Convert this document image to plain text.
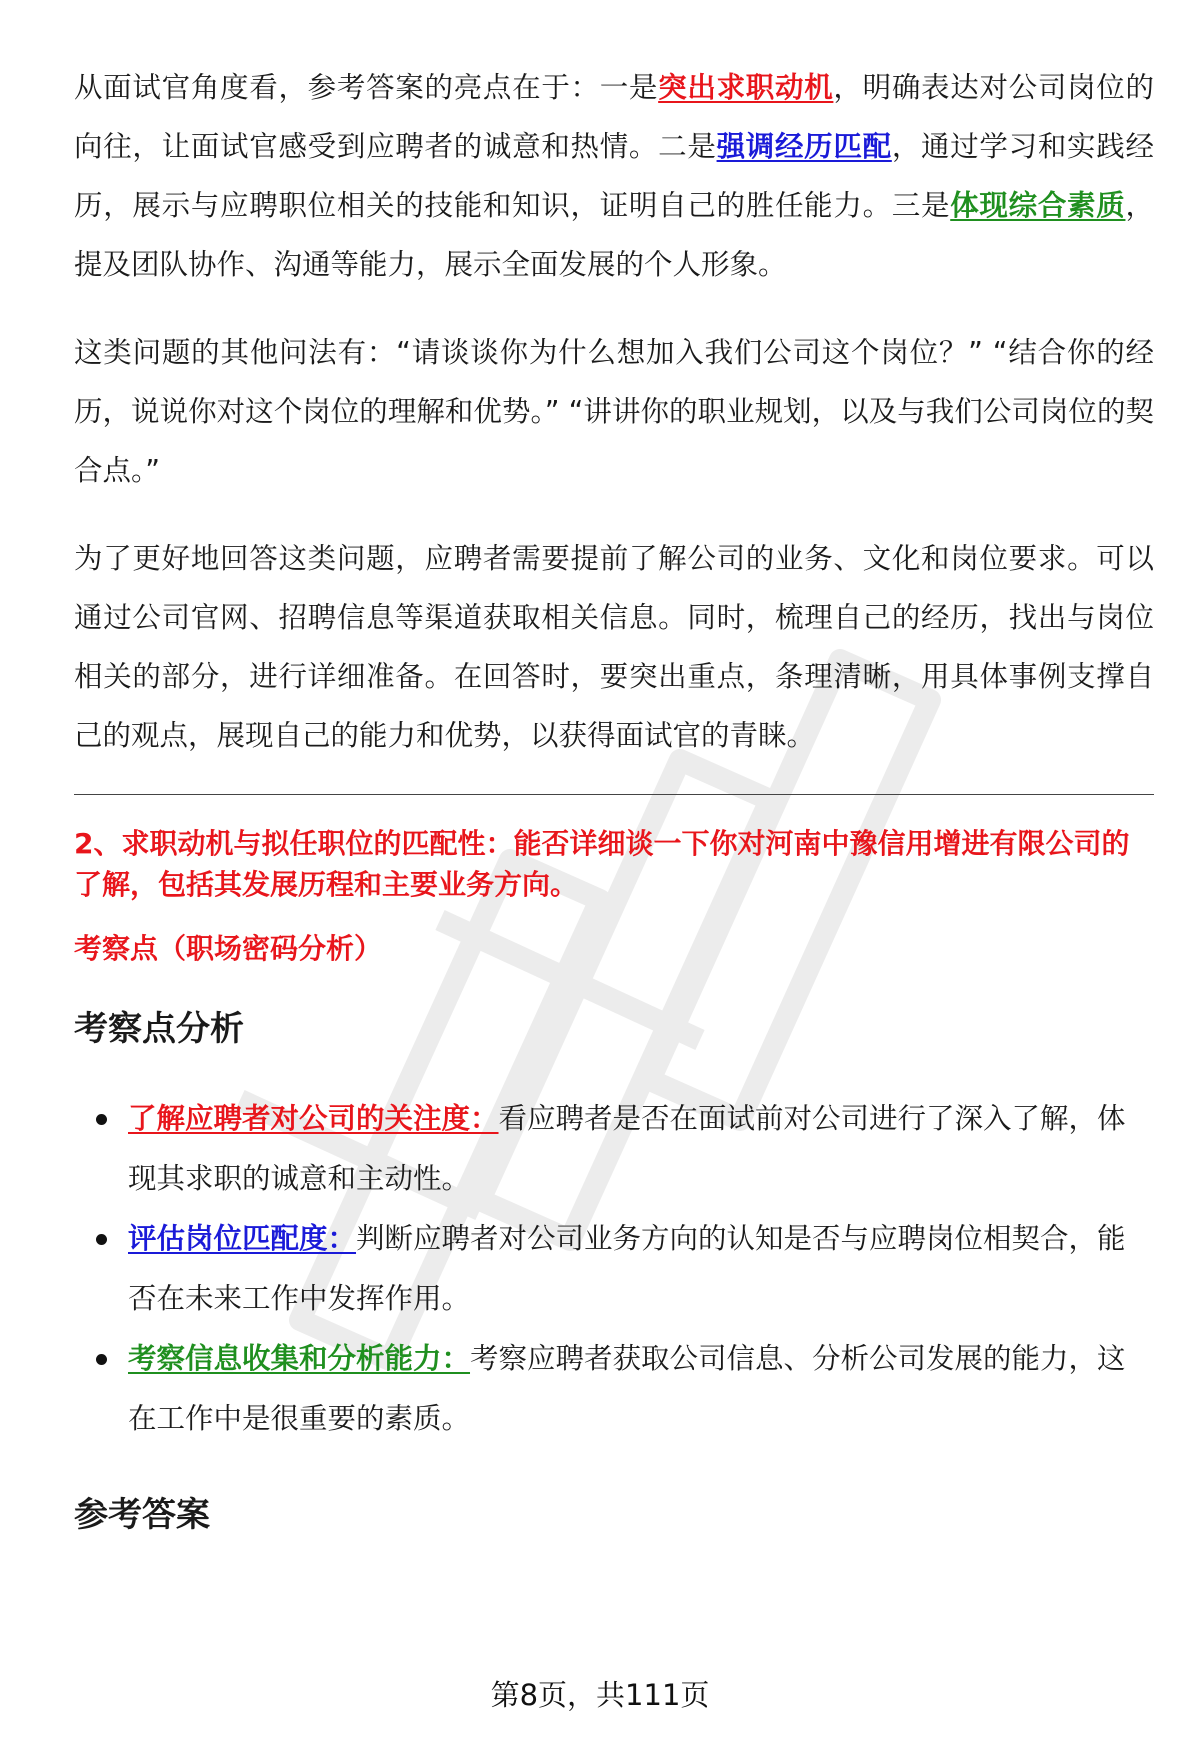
从面试官角度看，参考答案的亮点在于：一是突出求职动机，明确表达对公司岗位的向往，让面试官感受到应聘者的诚意和热情。二是强调经历匹配，通过学习和实践经历，展示与应聘职位相关的技能和知识，证明自己的胜任能力。三是体现综合素质，提及团队协作、沟通等能力，展示全面发展的个人形象。

这类问题的其他问法有：“请谈谈你为什么想加入我们公司这个岗位？” “结合你的经历，说说你对这个岗位的理解和优势。” “讲讲你的职业规划，以及与我们公司岗位的契合点。”

为了更好地回答这类问题，应聘者需要提前了解公司的业务、文化和岗位要求。可以通过公司官网、招聘信息等渠道获取相关信息。同时，梳理自己的经历，找出与岗位相关的部分，进行详细准备。在回答时，要突出重点，条理清晰，用具体事例支撑自己的观点，展现自己的能力和优势，以获得面试官的青睐。

2、求职动机与拟任职位的匹配性：能否详细谈一下你对河南中豫信用增进有限公司的了解，包括其发展历程和主要业务方向。
考察点（职场密码分析）
考察点分析
了解应聘者对公司的关注度：看应聘者是否在面试前对公司进行了深入了解，体现其求职的诚意和主动性。
评估岗位匹配度：判断应聘者对公司业务方向的认知是否与应聘岗位相契合，能否在未来工作中发挥作用。
考察信息收集和分析能力：考察应聘者获取公司信息、分析公司发展的能力，这在工作中是很重要的素质。
参考答案
第8页，共111页
